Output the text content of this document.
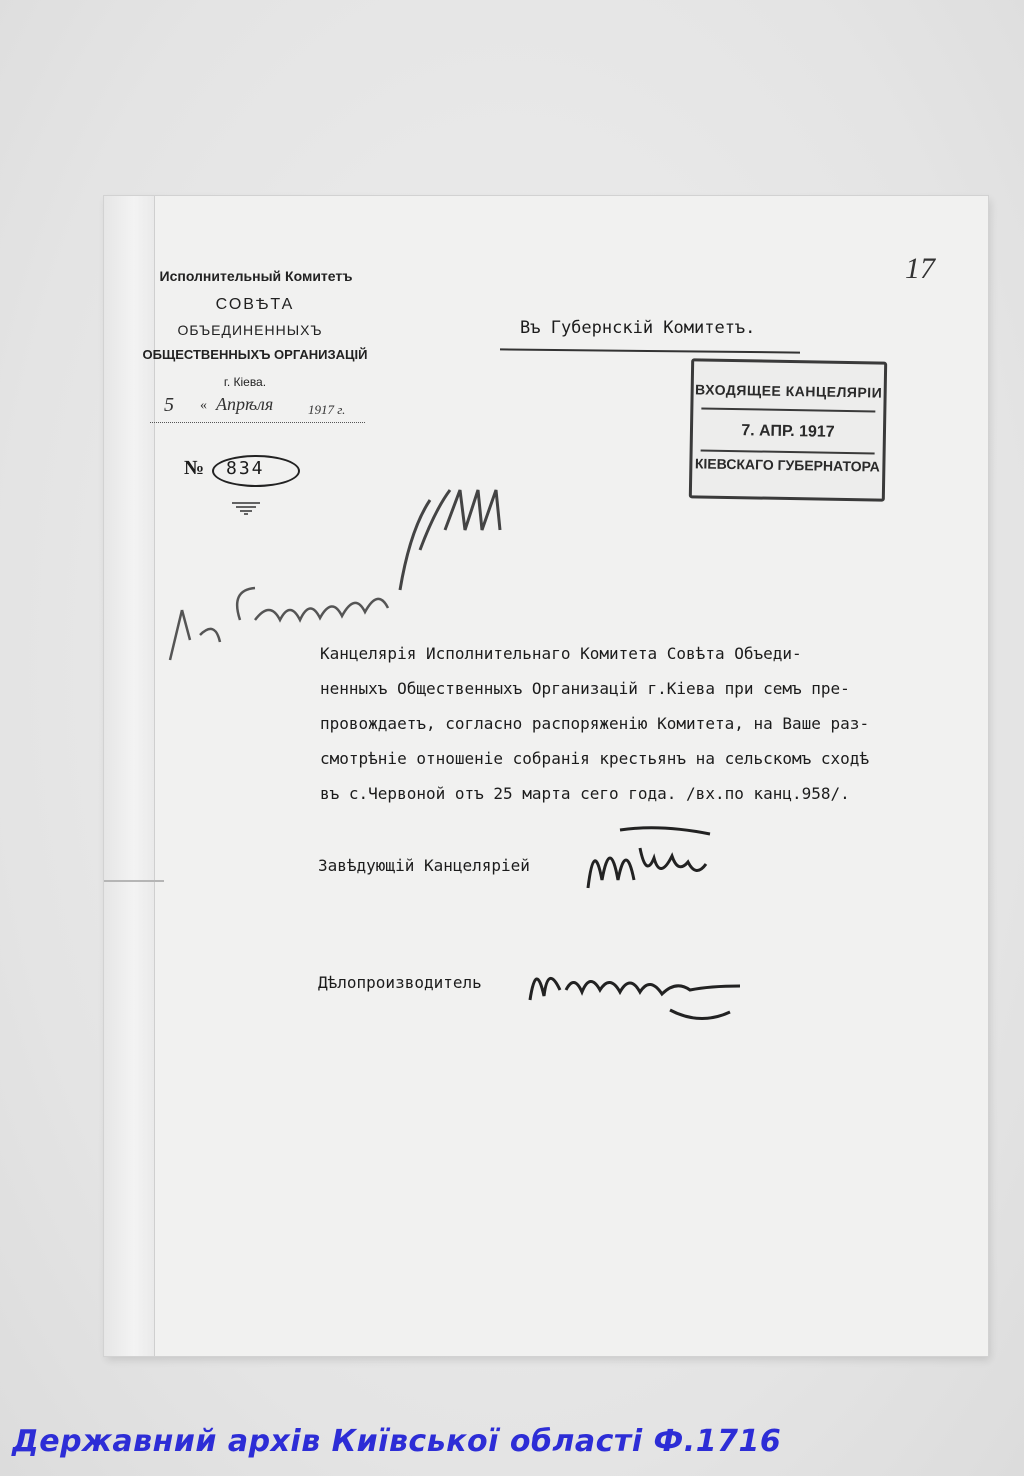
Исполнительный Комитетъ
СОВѢТА
ОБЪЕДИНЕННЫХЪ
ОБЩЕСТВЕННЫХЪ ОРГАНИЗАЦІЙ
г. Кіева.
5 « Апрѣля	1917 г.
№ 834
17
Въ Губернскій Комитетъ.
ВХОДЯЩЕЕ КАНЦЕЛЯРІИ
7. АПР. 1917
КІЕВСКАГО ГУБЕРНАТОРА
Канцелярія Исполнительнаго Комитета Совѣта Объеди-
ненныхъ Общественныхъ Организацій г.Кіева при семъ пре-
провождаетъ, согласно распоряженію Комитета, на Ваше раз-
смотрѣніе отношеніе собранія крестьянъ на сельскомъ сходѣ
въ с.Червоной отъ 25 марта сего года. /вх.по канц.958/.
Завѣдующій Канцеляріей
Дѣлопроизводитель
Державний архів Київської області Ф.1716
